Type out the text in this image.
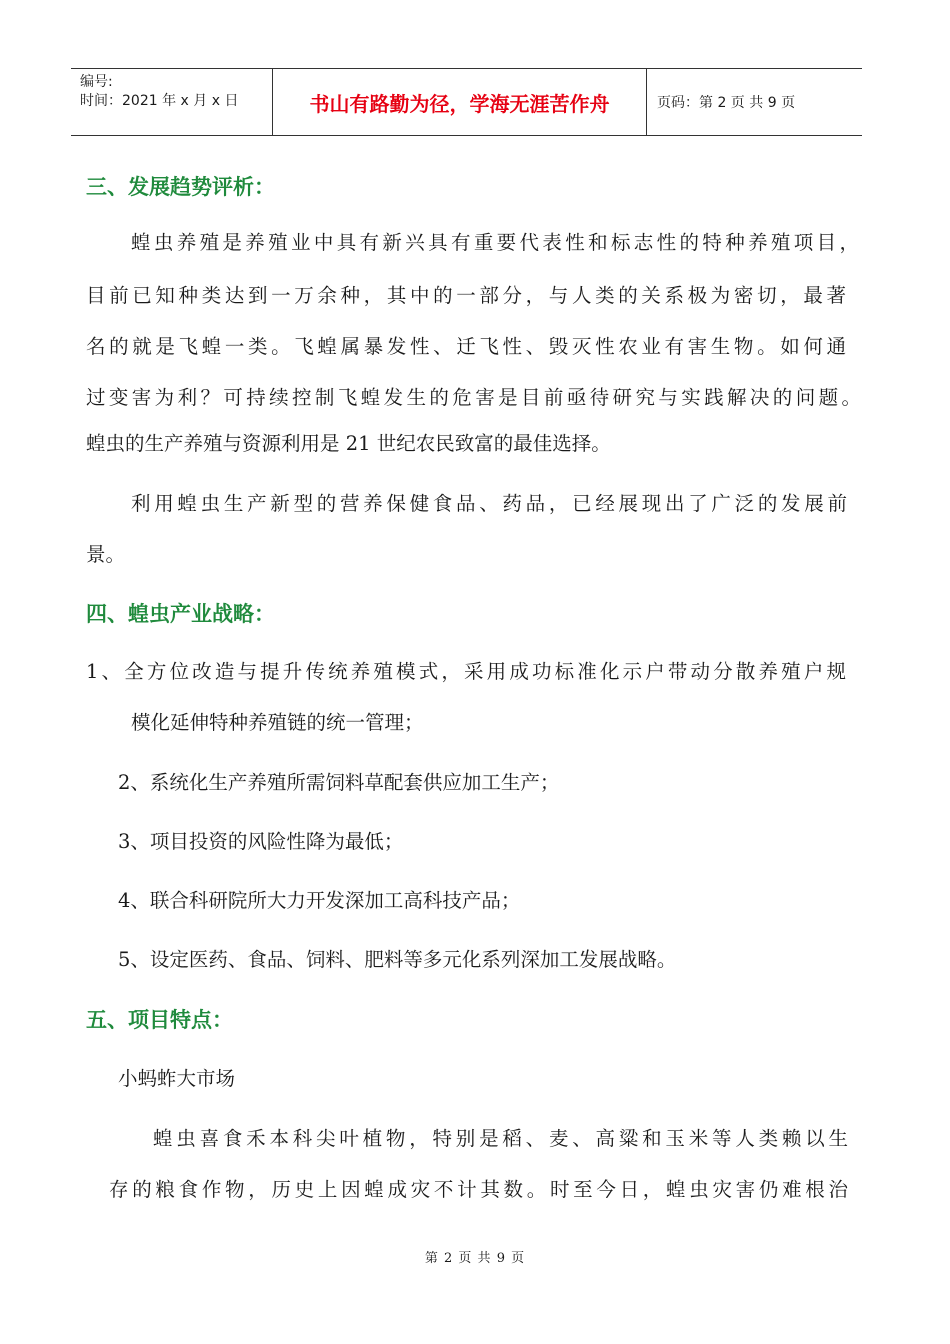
编号:
时间：2021 年 x 月 x 日	书山有路勤为径，学海无涯苦作舟	页码：第 2 页 共 9 页
三、发展趋势评析：
蝗虫养殖是养殖业中具有新兴具有重要代表性和标志性的特种养殖项目，
目前已知种类达到一万余种，其中的一部分，与人类的关系极为密切，最著
名的就是飞蝗一类。飞蝗属暴发性、迁飞性、毁灭性农业有害生物。如何通
过变害为利？可持续控制飞蝗发生的危害是目前亟待研究与实践解决的问题。
蝗虫的生产养殖与资源利用是 21 世纪农民致富的最佳选择。
利用蝗虫生产新型的营养保健食品、药品，已经展现出了广泛的发展前
景。
四、蝗虫产业战略：
1、全方位改造与提升传统养殖模式，采用成功标准化示户带动分散养殖户规
模化延伸特种养殖链的统一管理；
2、系统化生产养殖所需饲料草配套供应加工生产；
3、项目投资的风险性降为最低；
4、联合科研院所大力开发深加工高科技产品；
5、设定医药、食品、饲料、肥料等多元化系列深加工发展战略。
五、项目特点：
小蚂蚱大市场
蝗虫喜食禾本科尖叶植物，特别是稻、麦、高粱和玉米等人类赖以生
存的粮食作物，历史上因蝗成灾不计其数。时至今日，蝗虫灾害仍难根治
第 2 页 共 9 页
